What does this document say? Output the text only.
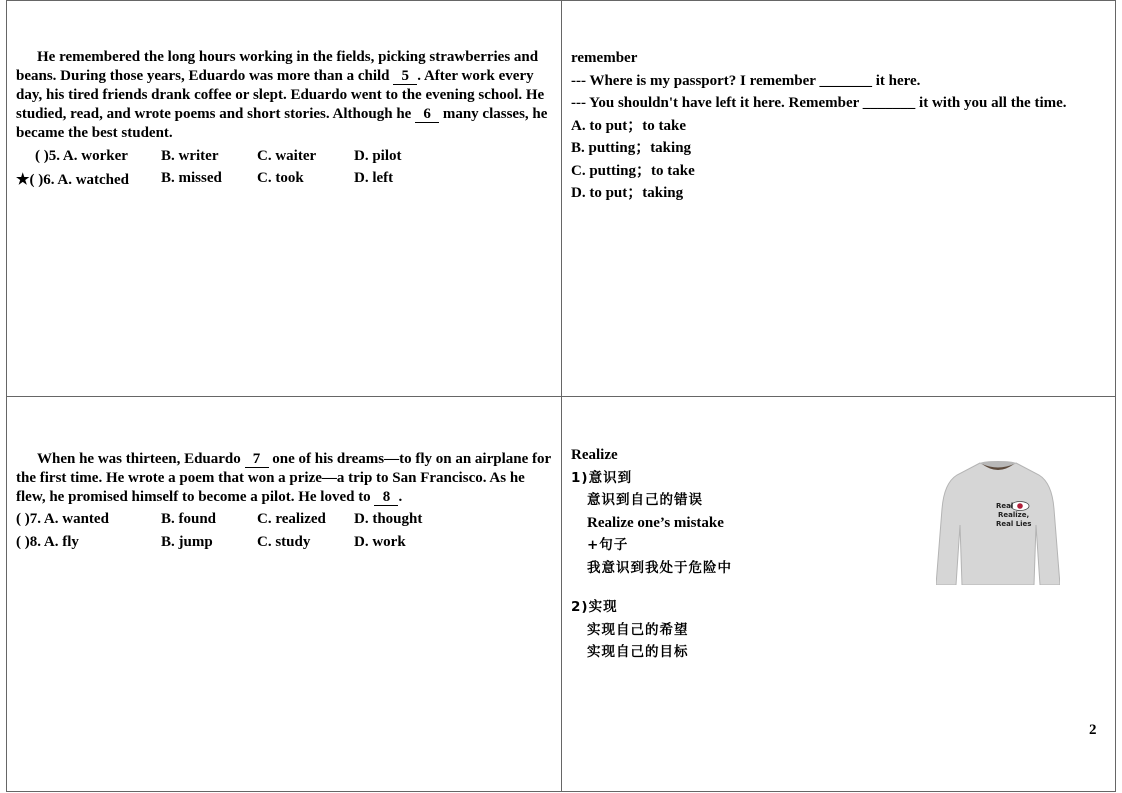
He remembered the long hours working in the fields, picking strawberries and beans. During those years, Eduardo was more than a child 5 . After work every day, his tired friends drank coffee or slept. Eduardo went to the evening school. He studied, read, and wrote poems and short stories. Although he 6 many classes, he became the best student.
( )5. A. worker B. writer	C. waiter	D. pilot
★( )6. A. watched B. missed C. took	D. left
remember
--- Where is my passport? I remember _______ it here.
--- You shouldn't have left it here. Remember _______ it with you all the time.
A. to put；to take
B. putting；taking
C. putting；to take
D. to put；taking
When he was thirteen, Eduardo 7 one of his dreams—to fly on an airplane for the first time. He wrote a poem that won a prize—a trip to San Francisco. As he flew, he promised himself to become a pilot. He loved to 8 .
( )7. A. wanted	B. found	C. realized D. thought
( )8. A. fly	B. jump	C. study	D. work
Realize
1)意识到
意识到自己的错误
Realize one’s mistake
+句子
我意识到我处于危险中
2)实现
实现自己的希望
实现自己的目标
Real
Realize,
Real Lies
2
